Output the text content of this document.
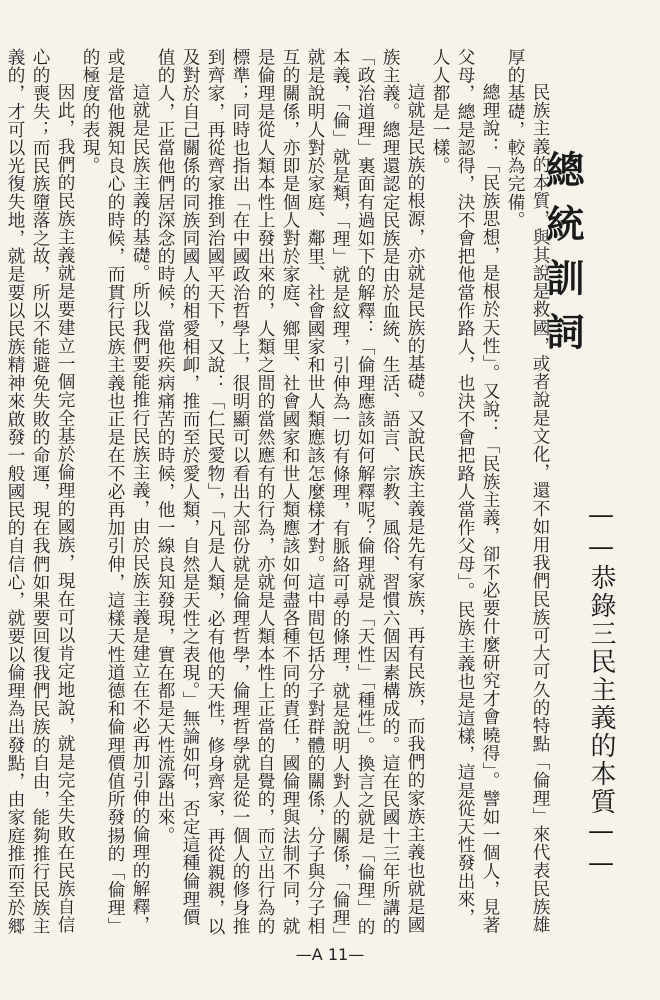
總統訓詞
——恭錄三民主義的本質——

民族主義的本質，與其說是救國，或者說是文化，還不如用我們民族可大可久的特點「倫理」來代表民族雄厚的基礎，較為完備。

總理說：「民族思想，是根於天性」。又說：「民族主義，卻不必要什麼研究才會曉得」。譬如一個人，見著父母，總是認得，決不會把他當作路人，也決不會把路人當作父母」。民族主義也是這樣，這是從天性發出來，人人都是一樣。

這就是民族的根源，亦就是民族的基礎。又說民族主義是先有家族，再有民族，而我們的家族主義也就是國族主義。總理還認定民族是由於血統、生活、語言、宗教、風俗、習慣六個因素構成的。這在民國十三年所講的「政治道理」裏面有過如下的解釋：「倫理應該如何解釋呢？倫理就是「天性」「種性」。換言之就是「倫理」的本義，「倫」就是類，「理」就是紋理，引伸為一切有條理，有脈絡可尋的條理，就是說明人對人的關係，「倫理」就是說明人對於家庭、鄰里、社會國家和世人類應該怎麼樣才對。這中間包括分子對群體的關係，分子與分子相互的關係，亦即是個人對於家庭、鄉里、社會國家和世人類應該如何盡各種不同的責任，國倫理與法制不同，就是倫理是從人類本性上發出來的，人類之間的當然應有的行為，亦就是人類本性上正當的自覺的，而立出行為的標準；同時也指出「在中國政治哲學上，很明顯可以看出大部份就是倫理哲學，倫理哲學就是從一個人的修身推到齊家，再從齊家推到治國平天下，又說：「仁民愛物」，「凡是人類，必有他的天性，修身齊家，再從親親，以及對於自己關係的同族同國人的相愛相卹，推而至於愛人類，自然是天性之表現。」無論如何，否定這種倫理價值的人，正當他們居深念的時候，當他疾病痛苦的時候，他一線良知發現，實在都是天性流露出來。

這就是民族主義的基礎。所以我們要能推行民族主義，由於民族主義是建立在不必再加引伸的倫理的解釋，或是當他親知良心的時候，而貫行民族主義也正是在不必再加引伸，這樣天性道德和倫理價值所發揚的「倫理」的極度的表現。

因此，我們的民族主義就是要建立一個完全基於倫理的國族，現在可以肯定地說，就是完全失敗在民族自信心的喪失；而民族墮落之故，所以不能避免失敗的命運，現在我們如果要回復我們民族的自由，能夠推行民族主義的，才可以光復失地，就是要以民族精神來啟發一般國民的自信心，就要以倫理為出發點，由家庭推而至於郷

—A 11—
